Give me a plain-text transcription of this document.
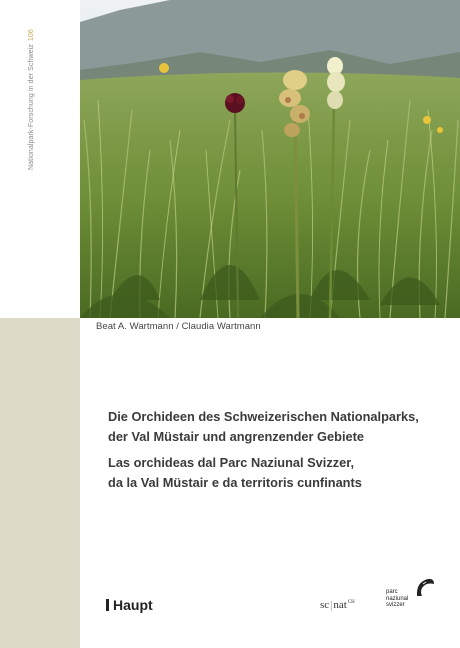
Nationalpark-Forschung in der Schweiz106
Beat A. Wartmann / Claudia Wartmann

Die Orchideen des Schweizerischen Nationalparks,

der Val Müstair und angrenzender Gebiete

Las orchideas dal Parc Naziunal Svizzer,

da la Val Müstair e da territoris cunfinants

Haupt	sc|nat$^{CH}$
parc
naziunal
svizzer
